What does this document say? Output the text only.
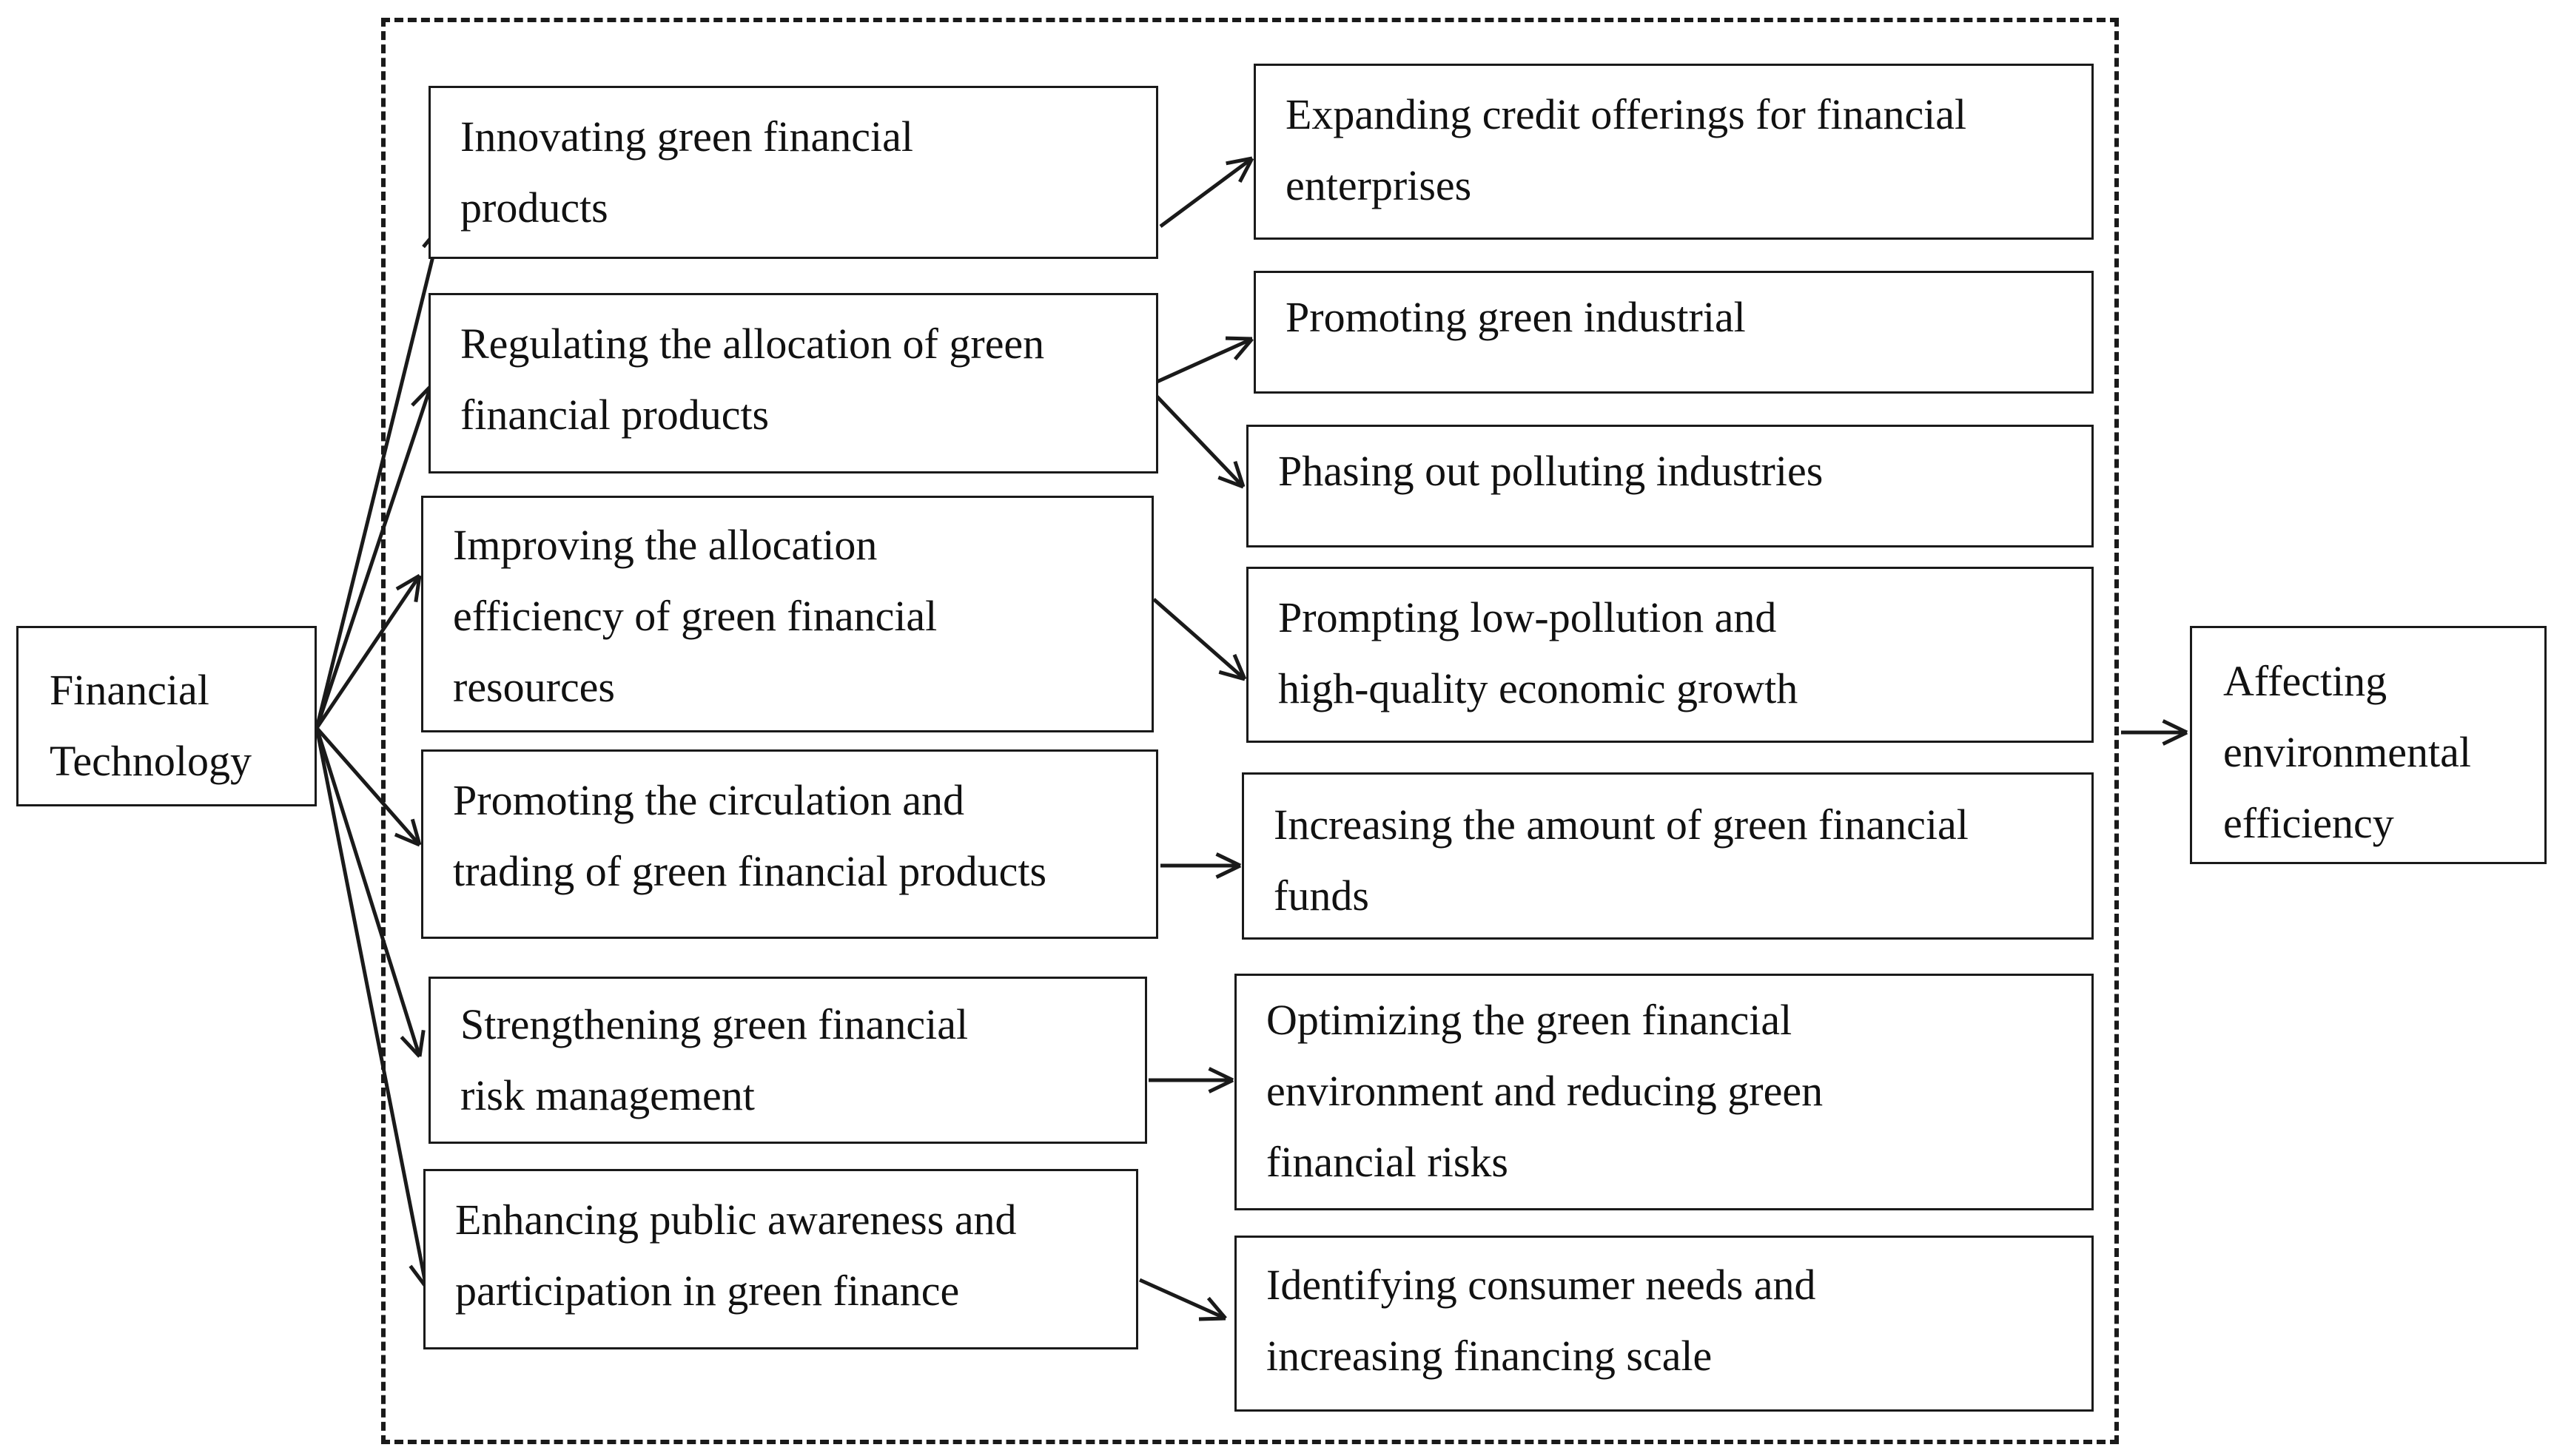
Financial
Technology
Innovating green financial
products
Regulating the allocation of green
financial products
Improving the allocation
efficiency of green financial
resources
Promoting the circulation and
trading of green financial products
Strengthening green financial
risk management
Enhancing public awareness and
participation in green finance
Expanding credit offerings for financial
enterprises
Promoting green industrial
Phasing out polluting industries
Prompting low-pollution and
high-quality economic growth
Increasing the amount of green financial
funds
Optimizing the green financial
environment and reducing green
financial risks
Identifying consumer needs and
increasing financing scale
Affecting
environmental
efficiency
